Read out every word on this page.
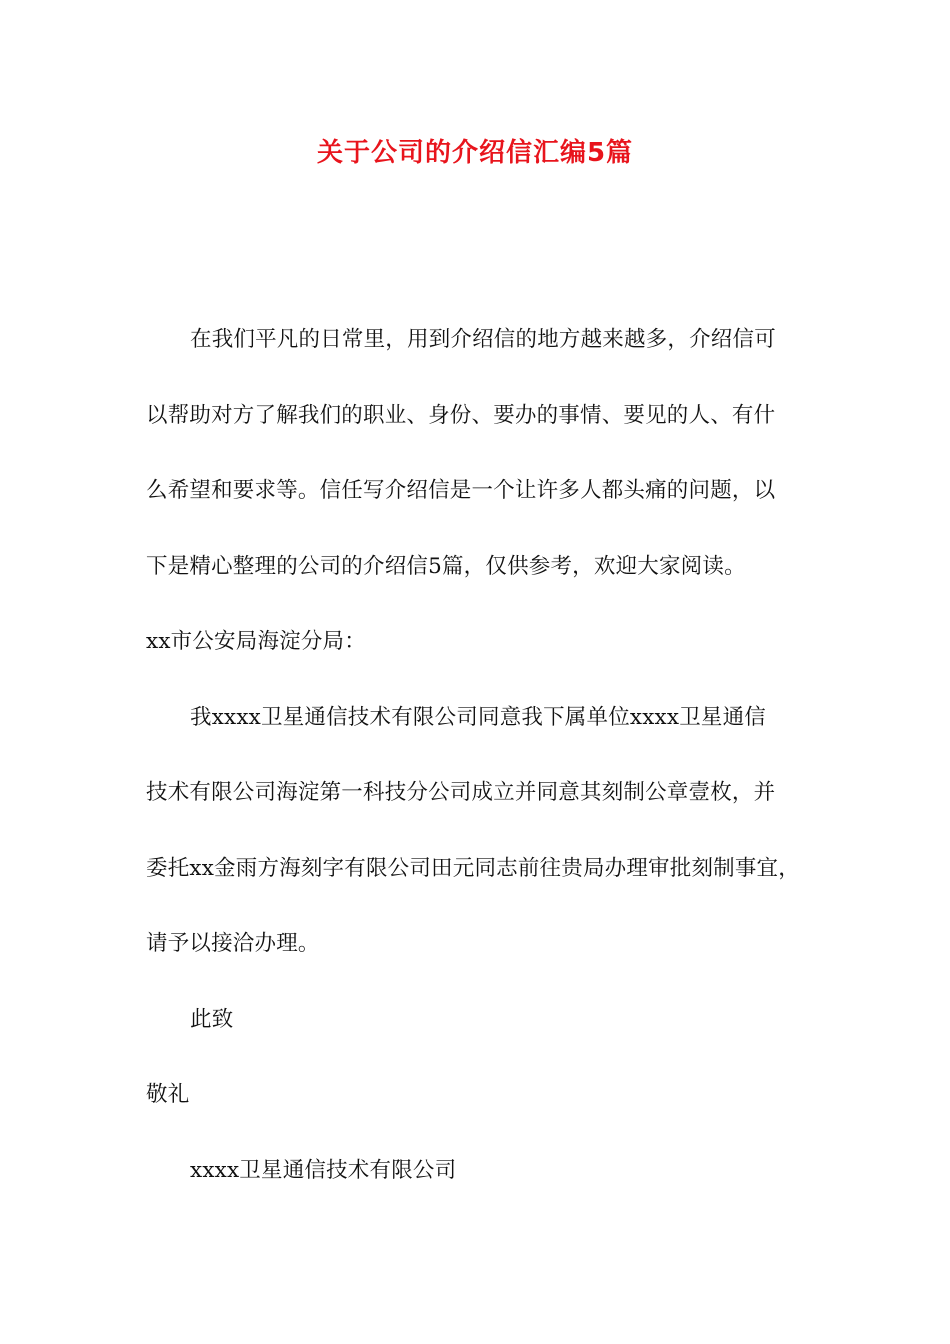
关于公司的介绍信汇编5篇
在我们平凡的日常里，用到介绍信的地方越来越多，介绍信可
以帮助对方了解我们的职业、身份、要办的事情、要见的人、有什
么希望和要求等。信任写介绍信是一个让许多人都头痛的问题，以
下是精心整理的公司的介绍信5篇，仅供参考，欢迎大家阅读。
xx市公安局海淀分局：
我xxxx卫星通信技术有限公司同意我下属单位xxxx卫星通信
技术有限公司海淀第一科技分公司成立并同意其刻制公章壹枚，并
委托xx金雨方海刻字有限公司田元同志前往贵局办理审批刻制事宜，
请予以接洽办理。
此致
敬礼
xxxx卫星通信技术有限公司
